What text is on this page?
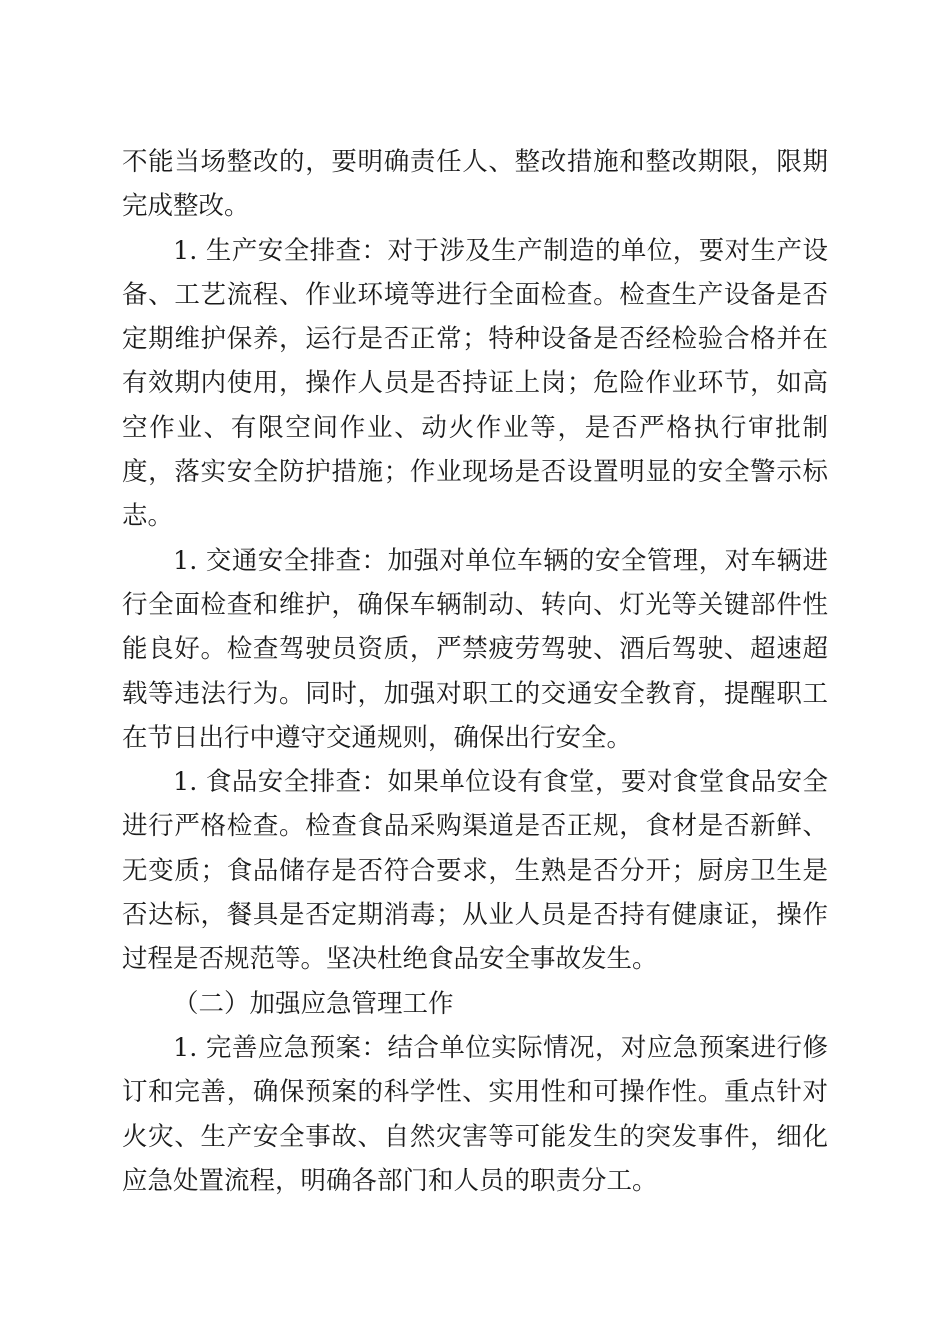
不能当场整改的，要明确责任人、整改措施和整改期限，限期完成整改。

1. 生产安全排查：对于涉及生产制造的单位，要对生产设备、工艺流程、作业环境等进行全面检查。检查生产设备是否定期维护保养，运行是否正常；特种设备是否经检验合格并在有效期内使用，操作人员是否持证上岗；危险作业环节，如高空作业、有限空间作业、动火作业等，是否严格执行审批制度，落实安全防护措施；作业现场是否设置明显的安全警示标志。

1. 交通安全排查：加强对单位车辆的安全管理，对车辆进行全面检查和维护，确保车辆制动、转向、灯光等关键部件性能良好。检查驾驶员资质，严禁疲劳驾驶、酒后驾驶、超速超载等违法行为。同时，加强对职工的交通安全教育，提醒职工在节日出行中遵守交通规则，确保出行安全。

1. 食品安全排查：如果单位设有食堂，要对食堂食品安全进行严格检查。检查食品采购渠道是否正规，食材是否新鲜、无变质；食品储存是否符合要求，生熟是否分开；厨房卫生是否达标，餐具是否定期消毒；从业人员是否持有健康证，操作过程是否规范等。坚决杜绝食品安全事故发生。

（二）加强应急管理工作

1. 完善应急预案：结合单位实际情况，对应急预案进行修订和完善，确保预案的科学性、实用性和可操作性。重点针对火灾、生产安全事故、自然灾害等可能发生的突发事件，细化应急处置流程，明确各部门和人员的职责分工。
